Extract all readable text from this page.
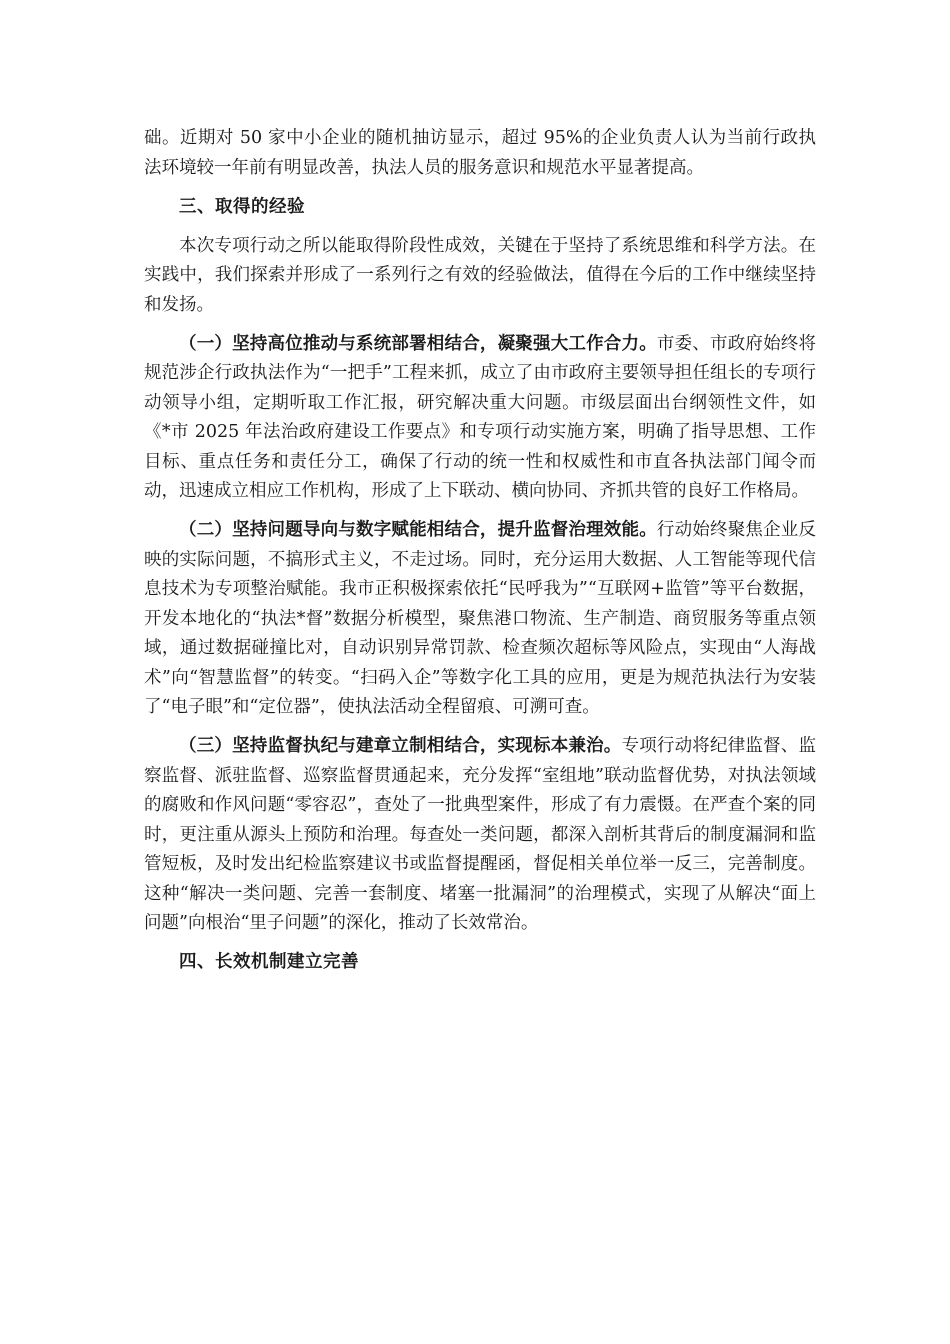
础。近期对 50 家中小企业的随机抽访显示，超过 95%的企业负责人认为当前行政执法环境较一年前有明显改善，执法人员的服务意识和规范水平显著提高。

三、取得的经验

本次专项行动之所以能取得阶段性成效，关键在于坚持了系统思维和科学方法。在实践中，我们探索并形成了一系列行之有效的经验做法，值得在今后的工作中继续坚持和发扬。

（一）坚持高位推动与系统部署相结合，凝聚强大工作合力。市委、市政府始终将规范涉企行政执法作为“一把手”工程来抓，成立了由市政府主要领导担任组长的专项行动领导小组，定期听取工作汇报，研究解决重大问题。市级层面出台纲领性文件，如《*市 2025 年法治政府建设工作要点》和专项行动实施方案，明确了指导思想、工作目标、重点任务和责任分工，确保了行动的统一性和权威性和市直各执法部门闻令而动，迅速成立相应工作机构，形成了上下联动、横向协同、齐抓共管的良好工作格局。

（二）坚持问题导向与数字赋能相结合，提升监督治理效能。行动始终聚焦企业反映的实际问题，不搞形式主义，不走过场。同时，充分运用大数据、人工智能等现代信息技术为专项整治赋能。我市正积极探索依托“民呼我为”“互联网+监管”等平台数据，开发本地化的“执法*督”数据分析模型，聚焦港口物流、生产制造、商贸服务等重点领域，通过数据碰撞比对，自动识别异常罚款、检查频次超标等风险点，实现由“人海战术”向“智慧监督”的转变。“扫码入企”等数字化工具的应用，更是为规范执法行为安装了“电子眼”和“定位器”，使执法活动全程留痕、可溯可查。

（三）坚持监督执纪与建章立制相结合，实现标本兼治。专项行动将纪律监督、监察监督、派驻监督、巡察监督贯通起来，充分发挥“室组地”联动监督优势，对执法领域的腐败和作风问题“零容忍”，查处了一批典型案件，形成了有力震慑。在严查个案的同时，更注重从源头上预防和治理。每查处一类问题，都深入剖析其背后的制度漏洞和监管短板，及时发出纪检监察建议书或监督提醒函，督促相关单位举一反三，完善制度。这种“解决一类问题、完善一套制度、堵塞一批漏洞”的治理模式，实现了从解决“面上问题”向根治“里子问题”的深化，推动了长效常治。

四、长效机制建立完善
